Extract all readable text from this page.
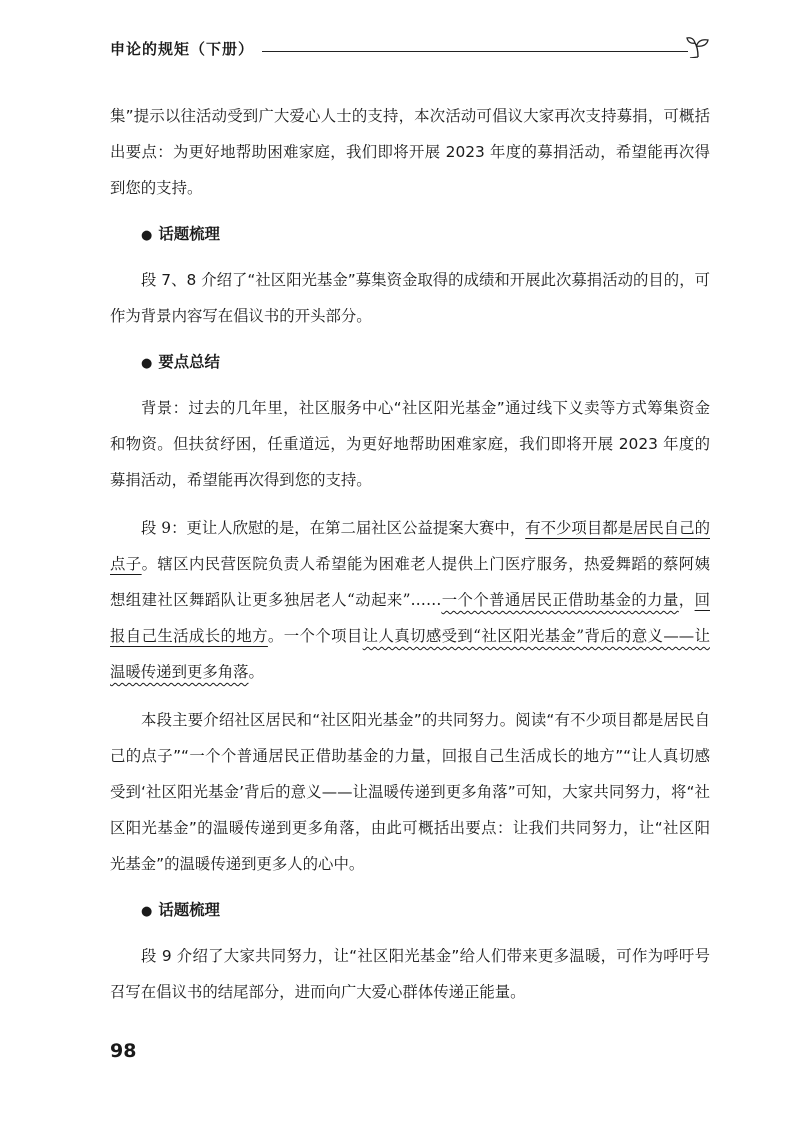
申论的规矩（下册）

集”提示以往活动受到广大爱心人士的支持，本次活动可倡议大家再次支持募捐，可概括出要点：为更好地帮助困难家庭，我们即将开展 2023 年度的募捐活动，希望能再次得到您的支持。

● 话题梳理

段 7、8 介绍了“社区阳光基金”募集资金取得的成绩和开展此次募捐活动的目的，可作为背景内容写在倡议书的开头部分。

● 要点总结

背景：过去的几年里，社区服务中心“社区阳光基金”通过线下义卖等方式筹集资金和物资。但扶贫纾困，任重道远，为更好地帮助困难家庭，我们即将开展 2023 年度的募捐活动，希望能再次得到您的支持。

段 9：更让人欣慰的是，在第二届社区公益提案大赛中，有不少项目都是居民自己的点子。辖区内民营医院负责人希望能为困难老人提供上门医疗服务，热爱舞蹈的蔡阿姨想组建社区舞蹈队让更多独居老人“动起来”……一个个普通居民正借助基金的力量，回报自己生活成长的地方。一个个项目让人真切感受到“社区阳光基金”背后的意义——让温暖传递到更多角落。

本段主要介绍社区居民和“社区阳光基金”的共同努力。阅读“有不少项目都是居民自己的点子”“一个个普通居民正借助基金的力量，回报自己生活成长的地方”“让人真切感受到‘社区阳光基金’背后的意义——让温暖传递到更多角落”可知，大家共同努力，将“社区阳光基金”的温暖传递到更多角落，由此可概括出要点：让我们共同努力，让“社区阳光基金”的温暖传递到更多人的心中。

● 话题梳理

段 9 介绍了大家共同努力，让“社区阳光基金”给人们带来更多温暖，可作为呼吁号召写在倡议书的结尾部分，进而向广大爱心群体传递正能量。

98
